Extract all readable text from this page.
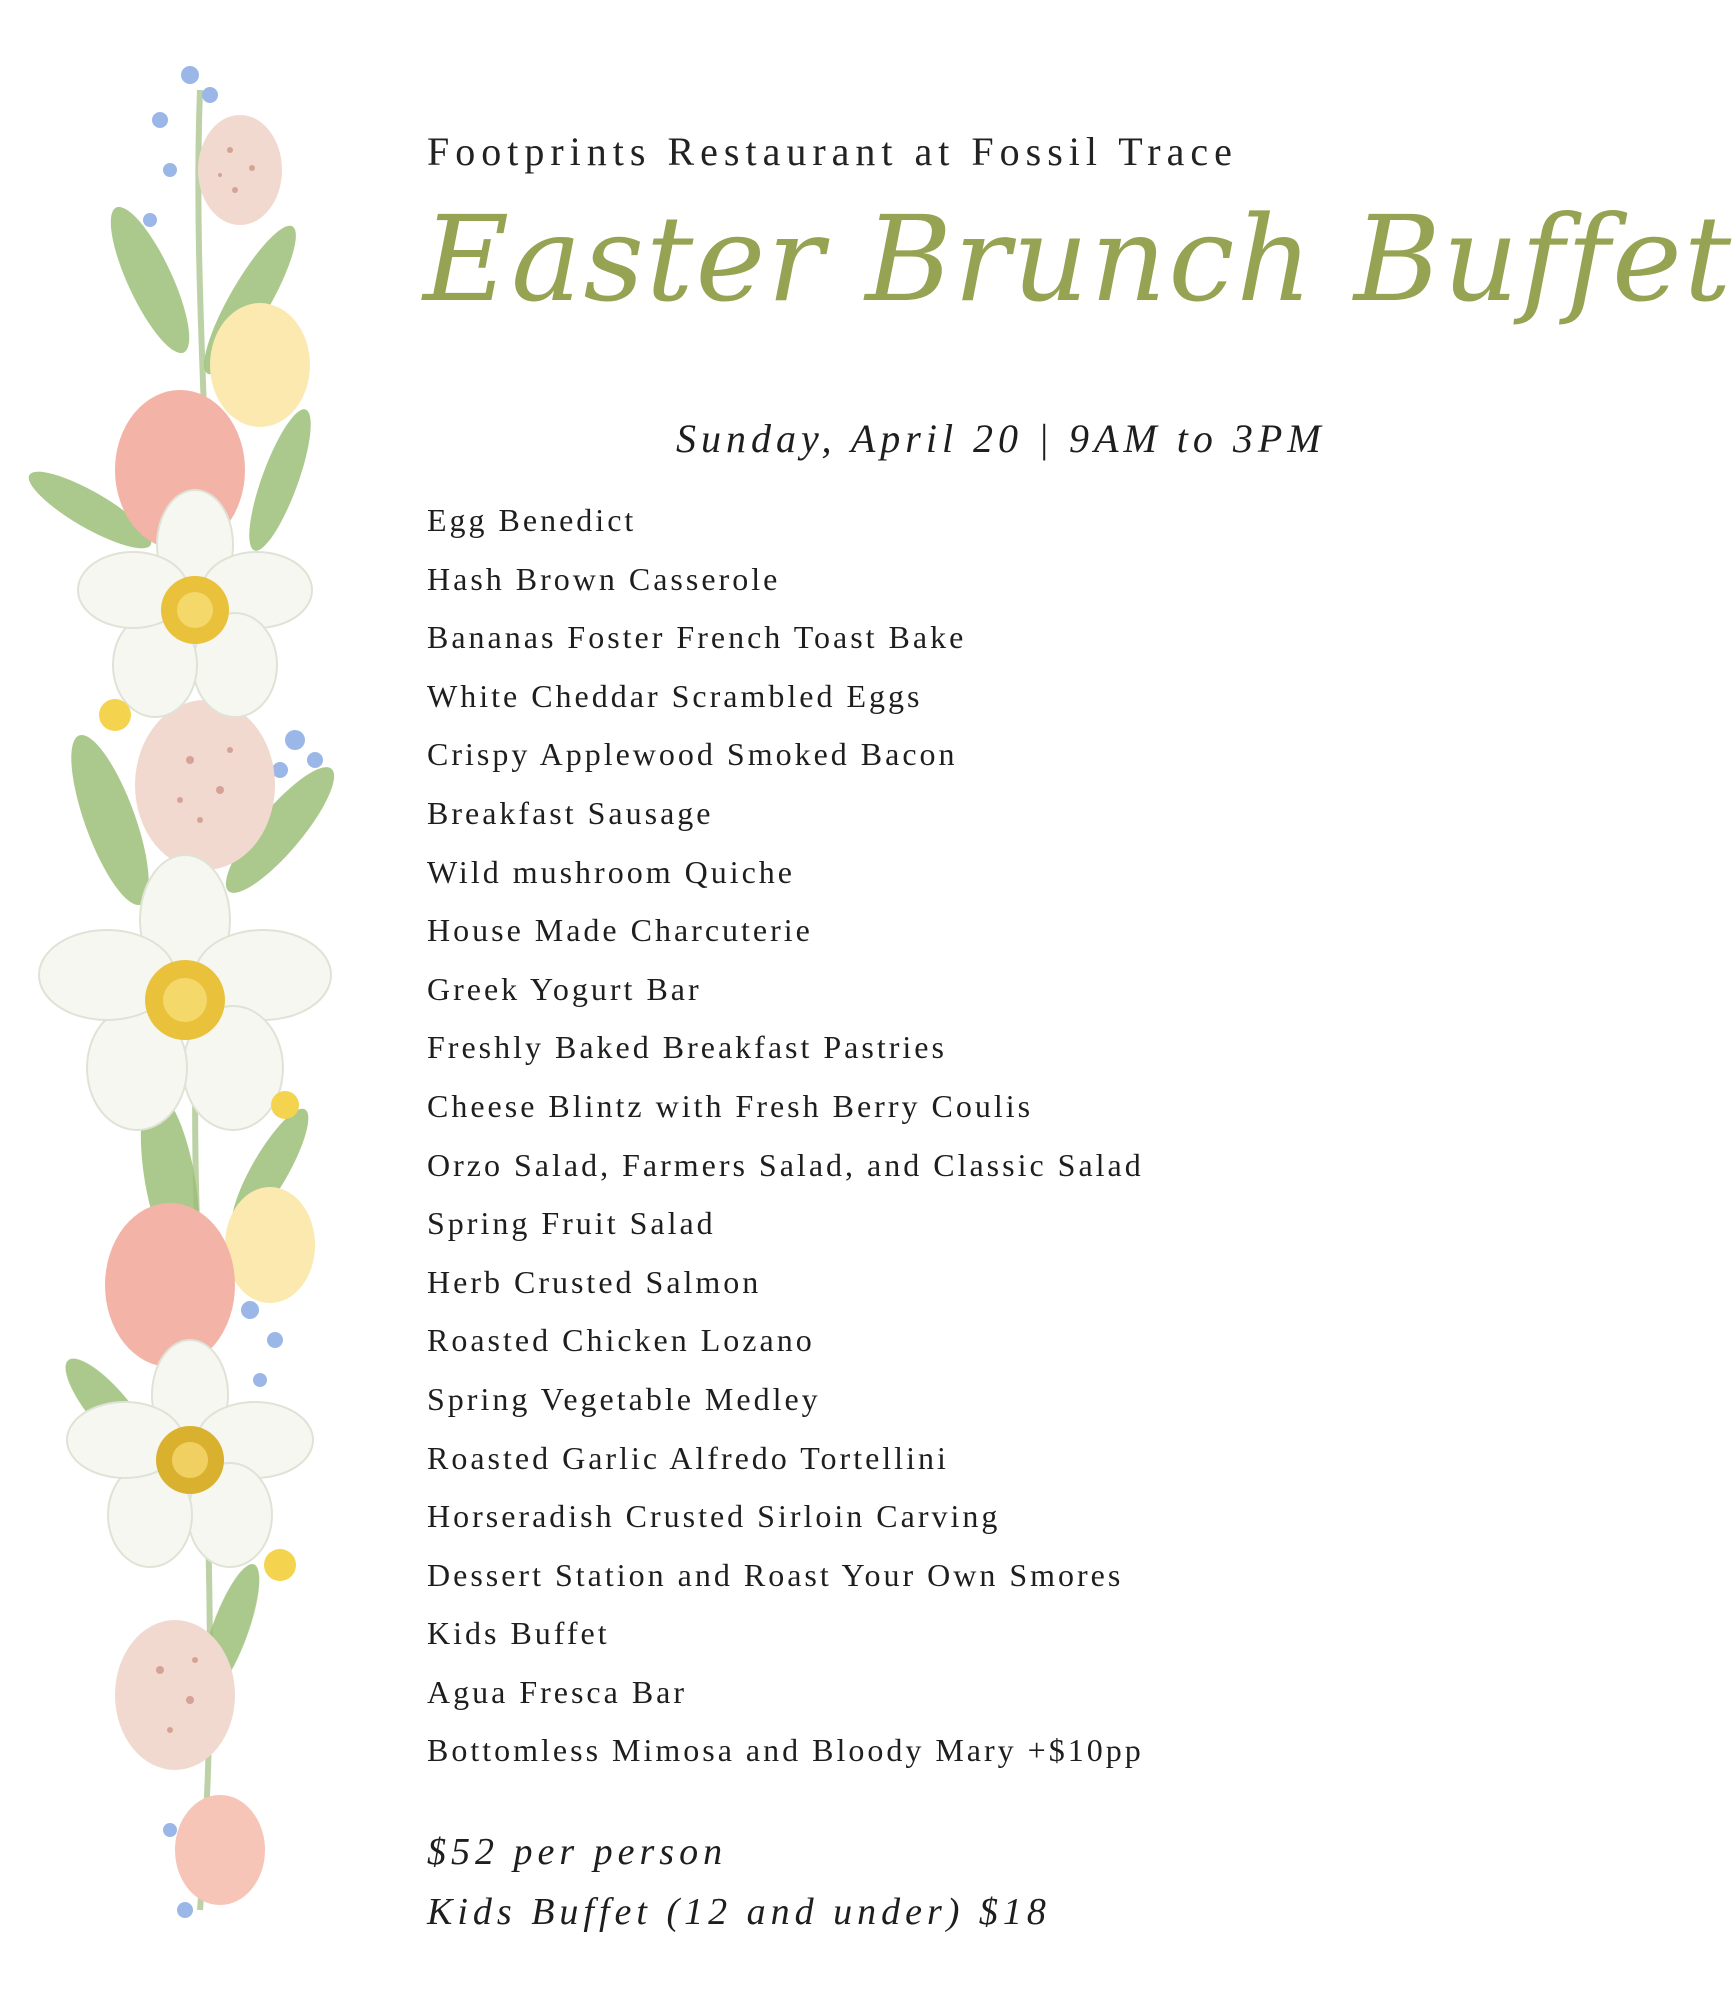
Footprints Restaurant at Fossil Trace
Easter Brunch Buffet
Sunday, April 20 | 9AM to 3PM
Egg Benedict
Hash Brown Casserole
Bananas Foster French Toast Bake
White Cheddar Scrambled Eggs
Crispy Applewood Smoked Bacon
Breakfast Sausage
Wild mushroom Quiche
House Made Charcuterie
Greek Yogurt Bar
Freshly Baked Breakfast Pastries
Cheese Blintz with Fresh Berry Coulis
Orzo Salad, Farmers Salad, and Classic Salad
Spring Fruit Salad
Herb Crusted Salmon
Roasted Chicken Lozano
Spring Vegetable Medley
Roasted Garlic Alfredo Tortellini
Horseradish Crusted Sirloin Carving
Dessert Station and Roast Your Own Smores
Kids Buffet
Agua Fresca Bar
Bottomless Mimosa and Bloody Mary +$10pp
$52 per person
Kids Buffet (12 and under) $18
